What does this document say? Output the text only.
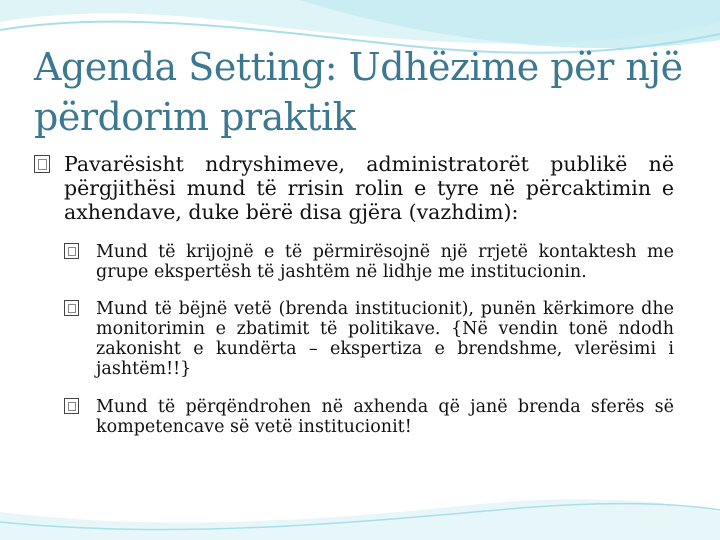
Agenda Setting: Udhëzime për një përdorim praktik

Pavarësisht ndryshimeve, administratorët publikë në përgjithësi mund të rrisin rolin e tyre në përcaktimin e axhendave, duke bërë disa gjëra (vazhdim):

Mund të krijojnë e të përmirësojnë një rrjetë kontaktesh me grupe ekspertësh të jashtëm në lidhje me institucionin.

Mund të bëjnë vetë (brenda institucionit), punën kërkimore dhe monitorimin e zbatimit të politikave. {Në vendin tonë ndodh zakonisht e kundërta – ekspertiza e brendshme, vlerësimi i jashtëm!!}

Mund të përqëndrohen në axhenda që janë brenda sferës së kompetencave së vetë institucionit!
